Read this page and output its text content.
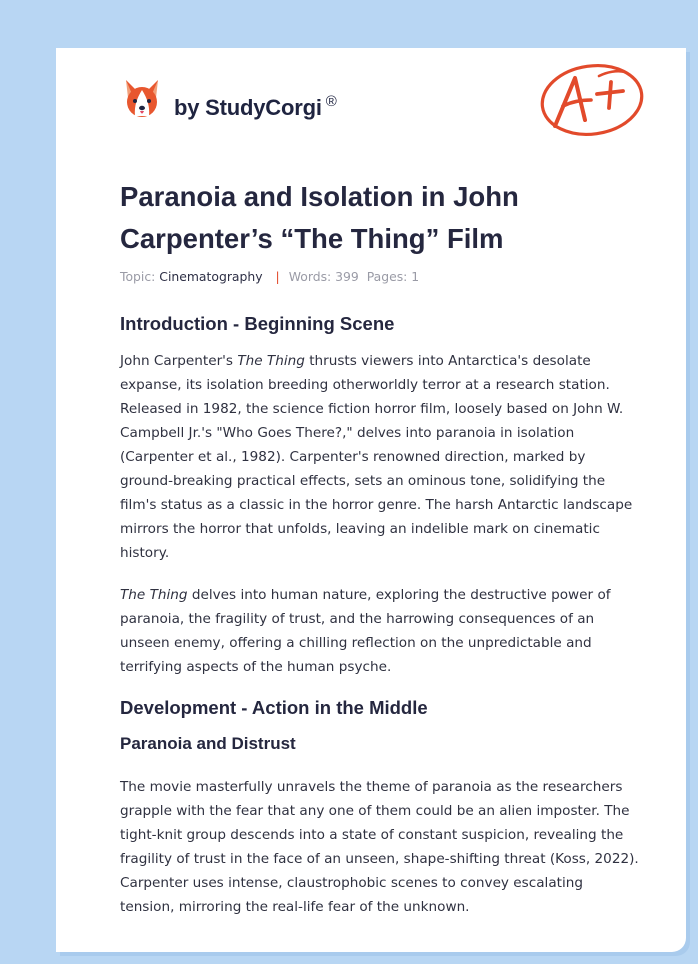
by StudyCorgi ®
Paranoia and Isolation in John Carpenter’s “The Thing” Film
Topic: Cinematography | Words: 399 Pages: 1
Introduction - Beginning Scene

John Carpenter's The Thing thrusts viewers into Antarctica's desolate expanse, its isolation breeding otherworldly terror at a research station. Released in 1982, the science fiction horror film, loosely based on John W. Campbell Jr.'s "Who Goes There?," delves into paranoia in isolation (Carpenter et al., 1982). Carpenter's renowned direction, marked by ground-breaking practical effects, sets an ominous tone, solidifying the film's status as a classic in the horror genre. The harsh Antarctic landscape mirrors the horror that unfolds, leaving an indelible mark on cinematic history.

The Thing delves into human nature, exploring the destructive power of paranoia, the fragility of trust, and the harrowing consequences of an unseen enemy, offering a chilling reflection on the unpredictable and terrifying aspects of the human psyche.

Development - Action in the Middle
Paranoia and Distrust

The movie masterfully unravels the theme of paranoia as the researchers grapple with the fear that any one of them could be an alien imposter. The tight-knit group descends into a state of constant suspicion, revealing the fragility of trust in the face of an unseen, shape-shifting threat (Koss, 2022). Carpenter uses intense, claustrophobic scenes to convey escalating tension, mirroring the real-life fear of the unknown.
